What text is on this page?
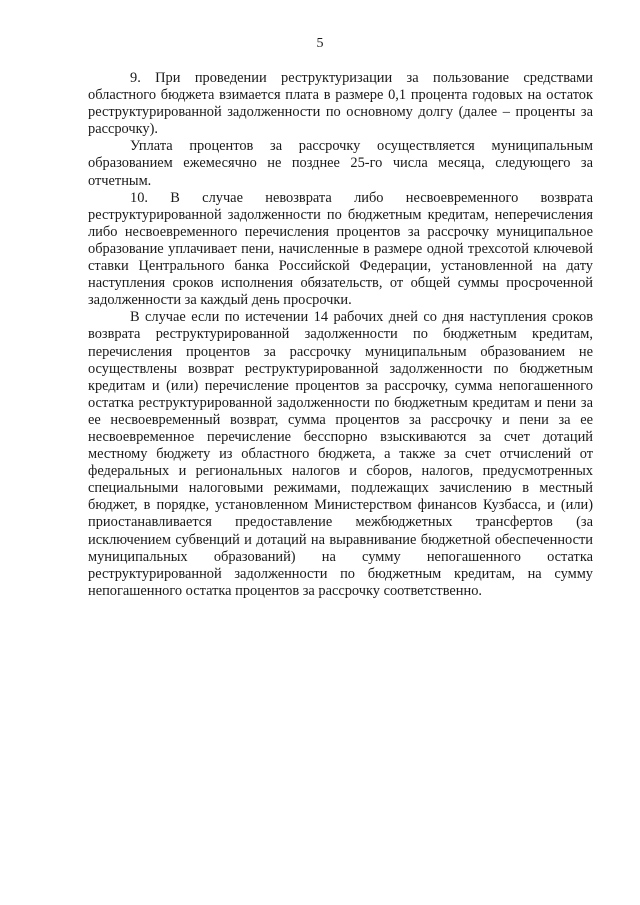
5

9. При проведении реструктуризации за пользование средствами областного бюджета взимается плата в размере 0,1 процента годовых на остаток реструктурированной задолженности по основному долгу (далее – проценты за рассрочку).

Уплата процентов за рассрочку осуществляется муниципальным образованием ежемесячно не позднее 25-го числа месяца, следующего за отчетным.

10. В случае невозврата либо несвоевременного возврата реструктурированной задолженности по бюджетным кредитам, неперечисления либо несвоевременного перечисления процентов за рассрочку муниципальное образование уплачивает пени, начисленные в размере одной трехсотой ключевой ставки Центрального банка Российской Федерации, установленной на дату наступления сроков исполнения обязательств, от общей суммы просроченной задолженности за каждый день просрочки.

В случае если по истечении 14 рабочих дней со дня наступления сроков возврата реструктурированной задолженности по бюджетным кредитам, перечисления процентов за рассрочку муниципальным образованием не осуществлены возврат реструктурированной задолженности по бюджетным кредитам и (или) перечисление процентов за рассрочку, сумма непогашенного остатка реструктурированной задолженности по бюджетным кредитам и пени за ее несвоевременный возврат, сумма процентов за рассрочку и пени за ее несвоевременное перечисление бесспорно взыскиваются за счет дотаций местному бюджету из областного бюджета, а также за счет отчислений от федеральных и региональных налогов и сборов, налогов, предусмотренных специальными налоговыми режимами, подлежащих зачислению в местный бюджет, в порядке, установленном Министерством финансов Кузбасса, и (или) приостанавливается предоставление межбюджетных трансфертов (за исключением субвенций и дотаций на выравнивание бюджетной обеспеченности муниципальных образований) на сумму непогашенного остатка реструктурированной задолженности по бюджетным кредитам, на сумму непогашенного остатка процентов за рассрочку соответственно.
